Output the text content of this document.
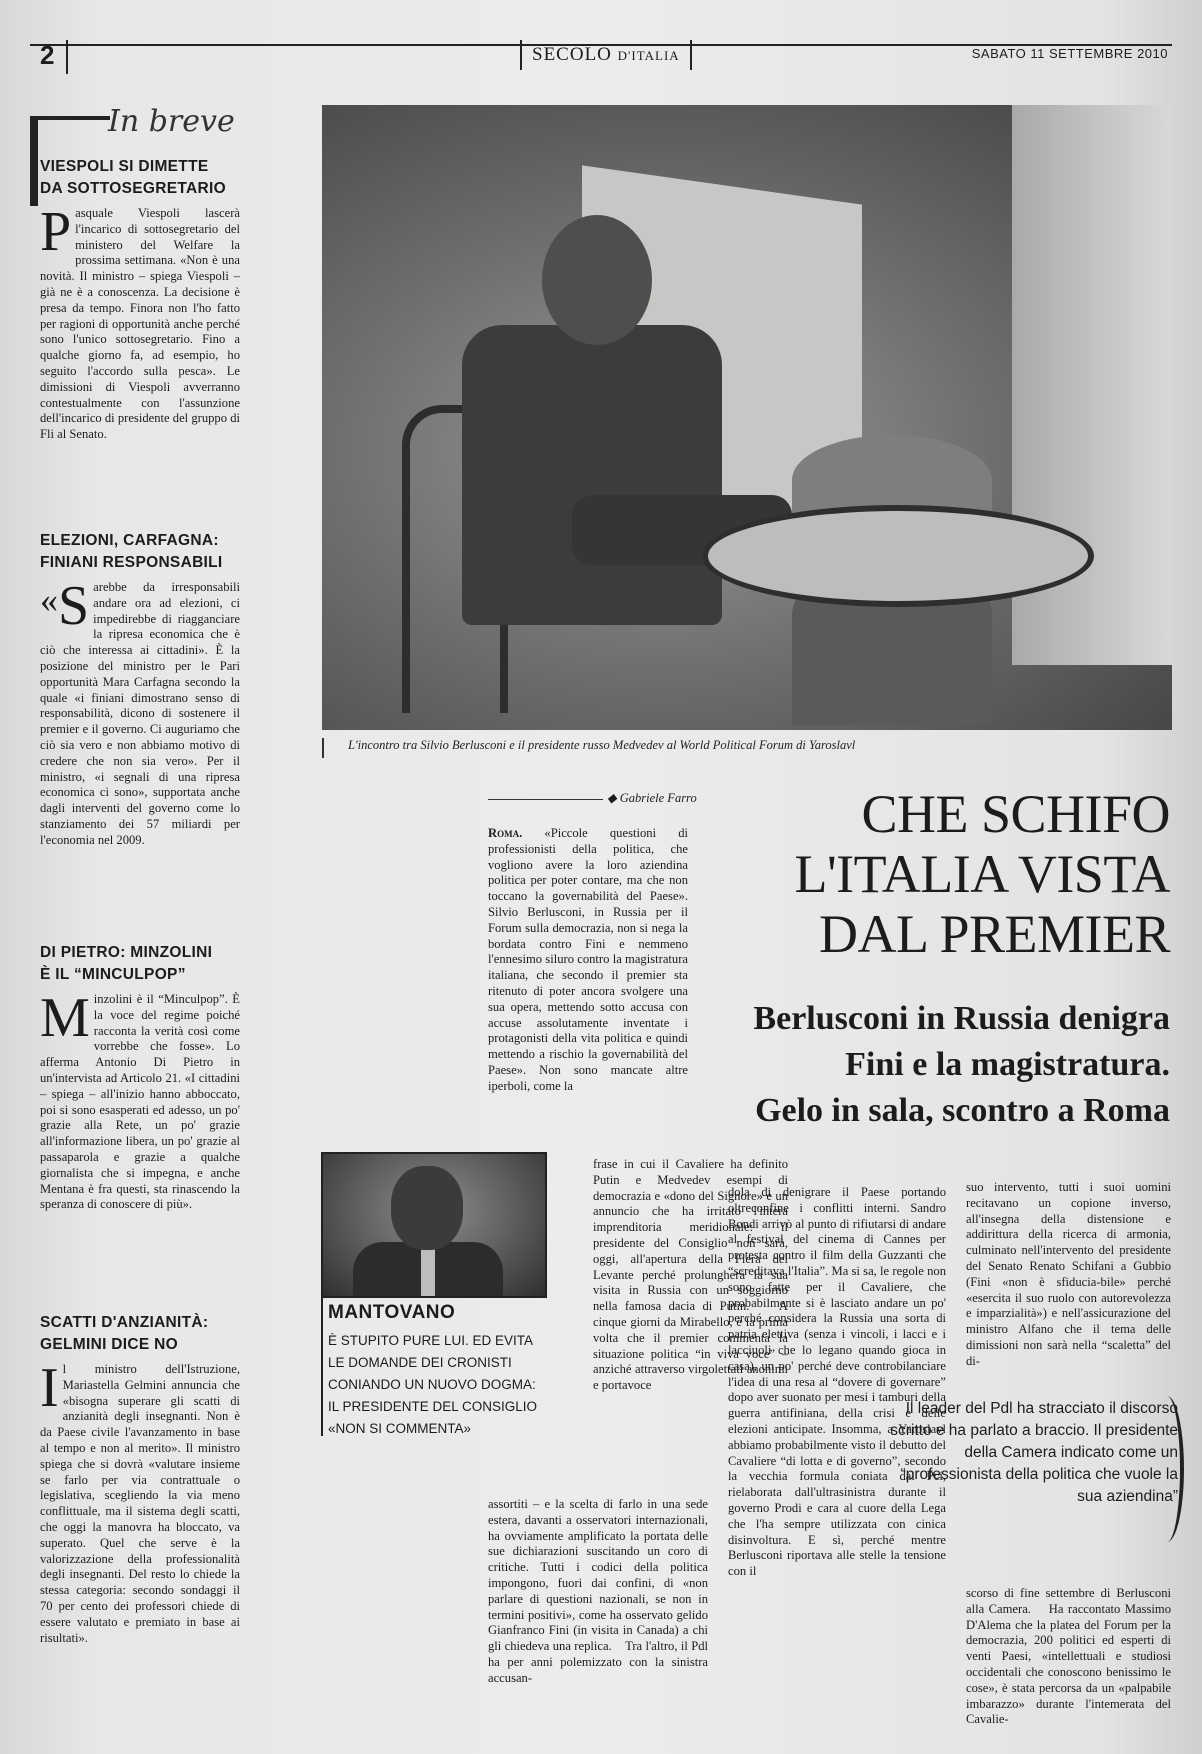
2	SECOLO D'ITALIA	SABATO 11 SETTEMBRE 2010
In breve
VIESPOLI SI DIMETTE
DA SOTTOSEGRETARIO

Pasquale Viespoli lascerà l'incarico di sottosegretario del ministero del Welfare la prossima settimana. «Non è una novità. Il ministro – spiega Viespoli – già ne è a conoscenza. La decisione è presa da tempo. Finora non l'ho fatto per ragioni di opportunità anche perché sono l'unico sottosegretario. Fino a qualche giorno fa, ad esempio, ho seguito l'accordo sulla pesca». Le dimissioni di Viespoli avverranno contestualmente con l'assunzione dell'incarico di presidente del gruppo di Fli al Senato.

ELEZIONI, CARFAGNA:
FINIANI RESPONSABILI

« S arebbe da irresponsabili andare ora ad elezioni, ci impedirebbe di riagganciare la ripresa economica che è ciò che interessa ai cittadini». È la posizione del ministro per le Pari opportunità Mara Carfagna secondo la quale «i finiani dimostrano senso di responsabilità, dicono di sostenere il premier e il governo. Ci auguriamo che ciò sia vero e non abbiamo motivo di credere che non sia vero». Per il ministro, «i segnali di una ripresa economica ci sono», supportata anche dagli interventi del governo come lo stanziamento dei 57 miliardi per l'economia nel 2009.

DI PIETRO: MINZOLINI
È IL “MINCULPOP”

Minzolini è il “Minculpop”. È la voce del regime poiché racconta la verità così come vorrebbe che fosse». Lo afferma Antonio Di Pietro in un'intervista ad Articolo 21. «I cittadini – spiega – all'inizio hanno abboccato, poi si sono esasperati ed adesso, un po' grazie alla Rete, un po' grazie all'informazione libera, un po' grazie al passaparola e grazie a qualche giornalista che si impegna, e anche Mentana è fra questi, sta rinascendo la speranza di conoscere di più».

SCATTI D'ANZIANITÀ:
GELMINI DICE NO

Il ministro dell'Istruzione, Mariastella Gelmini annuncia che «bisogna superare gli scatti di anzianità degli insegnanti. Non è da Paese civile l'avanzamento in base al tempo e non al merito». Il ministro spiega che si dovrà «valutare insieme se farlo per via contrattuale o legislativa, scegliendo la via meno conflittuale, ma il sistema degli scatti, che oggi la manovra ha bloccato, va superato. Quel che serve è la valorizzazione della professionalità degli insegnanti. Del resto lo chiede la stessa categoria: secondo sondaggi il 70 per cento dei professori chiede di essere valutato e premiato in base ai risultati».

L'incontro tra Silvio Berlusconi e il presidente russo Medvedev al World Political Forum di Yaroslavl
◆ Gabriele Farro	CHE SCHIFO
L'ITALIA VISTA
DAL PREMIER
Berlusconi in Russia denigra
Fini e la magistratura.
Gelo in sala, scontro a Roma

Roma. «Piccole questioni di professionisti della politica, che vogliono avere la loro aziendina politica per poter contare, ma che non toccano la governabilità del Paese». Silvio Berlusconi, in Russia per il Forum sulla democrazia, non si nega la bordata contro Fini e nemmeno l'ennesimo siluro contro la magistratura italiana, che secondo il premier sta ritenuto di poter ancora svolgere una sua opera, mettendo sotto accusa con accuse assolutamente inventate i protagonisti della vita politica e quindi mettendo a rischio la governabilità del Paese». Non sono mancate altre iperboli, come la

frase in cui il Cavaliere ha definito Putin e Medvedev esempi di democrazia e «dono del Signore» e un annuncio che ha irritato l'intera imprenditoria meridionale: il presidente del Consiglio non sarà, oggi, all'apertura della Fiera del Levante perché prolungherà la sua visita in Russia con un soggiorno nella famosa dacia di Putin.    A cinque giorni da Mirabello, è la prima volta che il premier commenta la situazione politica “in viva voce” – anziché attraverso virgolettati anonimi e portavoce

assortiti – e la scelta di farlo in una sede estera, davanti a osservatori internazionali, ha ovviamente amplificato la portata delle sue dichiarazioni suscitando un coro di critiche. Tutti i codici della politica impongono, fuori dai confini, di «non parlare di questioni nazionali, se non in termini positivi», come ha osservato gelido Gianfranco Fini (in visita in Canada) a chi gli chiedeva una replica.    Tra l'altro, il Pdl ha per anni polemizzato con la sinistra accusan-

dola di denigrare il Paese portando oltreconfine i conflitti interni. Sandro Bondi arrivò al punto di rifiutarsi di andare al festival del cinema di Cannes per protesta contro il film della Guzzanti che “screditava l'Italia”. Ma si sa, le regole non sono fatte per il Cavaliere, che probabilmente si è lasciato andare un po' perché considera la Russia una sorta di patria elettiva (senza i vincoli, i lacci e i lacciuoli che lo legano quando gioca in casa), un po' perché deve controbilanciare l'idea di una resa al “dovere di governare” dopo aver suonato per mesi i tamburi della guerra antifiniana, della crisi e delle elezioni anticipate. Insomma, a Yaroslavl abbiamo probabilmente visto il debutto del Cavaliere “di lotta e di governo”, secondo la vecchia formula coniata dal Pci, rielaborata dall'ultrasinistra durante il governo Prodi e cara al cuore della Lega che l'ha sempre utilizzata con cinica disinvoltura. E sì, perché mentre Berlusconi riportava alle stelle la tensione con il

suo intervento, tutti i suoi uomini recitavano un copione inverso, all'insegna della distensione e addirittura della ricerca di armonia, culminato nell'intervento del presidente del Senato Renato Schifani a Gubbio (Fini «non è sfiducia-bile» perché «esercita il suo ruolo con autorevolezza e imparzialità») e nell'assicurazione del ministro Alfano che il tema delle dimissioni non sarà nella “scaletta” del di-

scorso di fine settembre di Berlusconi alla Camera.    Ha raccontato Massimo D'Alema che la platea del Forum per la democrazia, 200 politici ed esperti di venti Paesi, «intellettuali e studiosi occidentali che conoscono benissimo le cose», è stata percorsa da un «palpabile imbarazzo» durante l'intemerata del Cavalie-

Il leader del Pdl ha stracciato il discorso scritto e ha parlato a braccio. Il presidente della Camera indicato come un “professionista della politica che vuole la sua aziendina”
MANTOVANO
È STUPITO PURE LUI. ED EVITA LE DOMANDE DEI CRONISTI CONIANDO UN NUOVO DOGMA: IL PRESIDENTE DEL CONSIGLIO «NON SI COMMENTA»
